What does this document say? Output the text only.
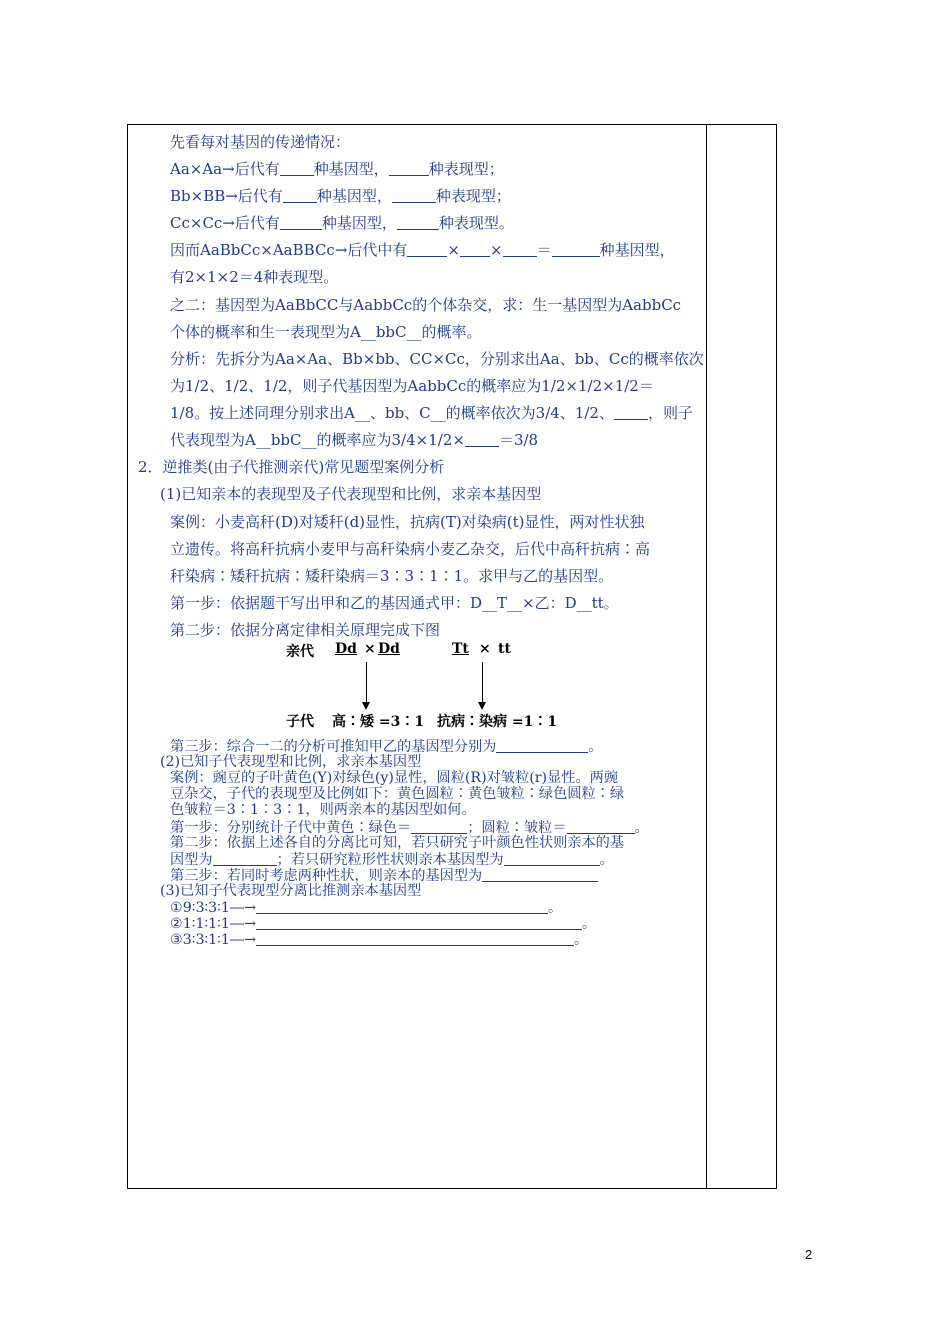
先看每对基因的传递情况：
Aa×Aa→后代有 种基因型，	种表现型；
Bb×BB→后代有 种基因型，	种表现型；
Cc×Cc→后代有	种基因型，	种表现型。
因而AaBbCc×AaBBCc→后代中有	× × ＝	种基因型，
有2×1×2＝4种表现型。
之二：基因型为AaBbCC与AabbCc的个体杂交，求：生一基因型为AabbCc
个体的概率和生一表现型为A__bbC__的概率。
分析：先拆分为Aa×Aa、Bb×bb、CC×Cc，分别求出Aa、bb、Cc的概率依次
为1/2、1/2、1/2，则子代基因型为AabbCc的概率应为1/2×1/2×1/2＝
1/8。按上述同理分别求出A__、bb、C__的概率依次为3/4、1/2、 ，则子
代表现型为A__bbC__的概率应为3/4×1/2× ＝3/8
2．逆推类(由子代推测亲代)常见题型案例分析
(1)已知亲本的表现型及子代表现型和比例，求亲本基因型
案例：小麦高秆(D)对矮秆(d)显性，抗病(T)对染病(t)显性，两对性状独
立遗传。将高秆抗病小麦甲与高秆染病小麦乙杂交，后代中高秆抗病∶高
秆染病∶矮秆抗病∶矮秆染病＝3∶3∶1∶1。求甲与乙的基因型。
第一步：依据题干写出甲和乙的基因通式甲：D__T__×乙：D__tt。
第二步：依据分离定律相关原理完成下图
亲代 Dd × Dd	Tt × tt
子代 高∶矮 =3∶1 抗病∶染病 =1∶1
第三步：综合一二的分析可推知甲乙的基因型分别为	。
(2)已知子代表现型和比例，求亲本基因型
案例：豌豆的子叶黄色(Y)对绿色(y)显性，圆粒(R)对皱粒(r)显性。两豌
豆杂交，子代的表现型及比例如下：黄色圆粒∶黄色皱粒∶绿色圆粒∶绿
色皱粒＝3∶1∶3∶1，则两亲本的基因型如何。
第一步：分别统计子代中黄色∶绿色＝	；圆粒∶皱粒＝	。
第二步：依据上述各自的分离比可知，若只研究子叶颜色性状则亲本的基
因型为	；若只研究粒形性状则亲本基因型为	。
第三步：若同时考虑两种性状，则亲本的基因型为
(3)已知子代表现型分离比推测亲本基因型
①9∶3∶3∶1―→	。
②1∶1∶1∶1―→	。
③3∶3∶1∶1―→	。
2
